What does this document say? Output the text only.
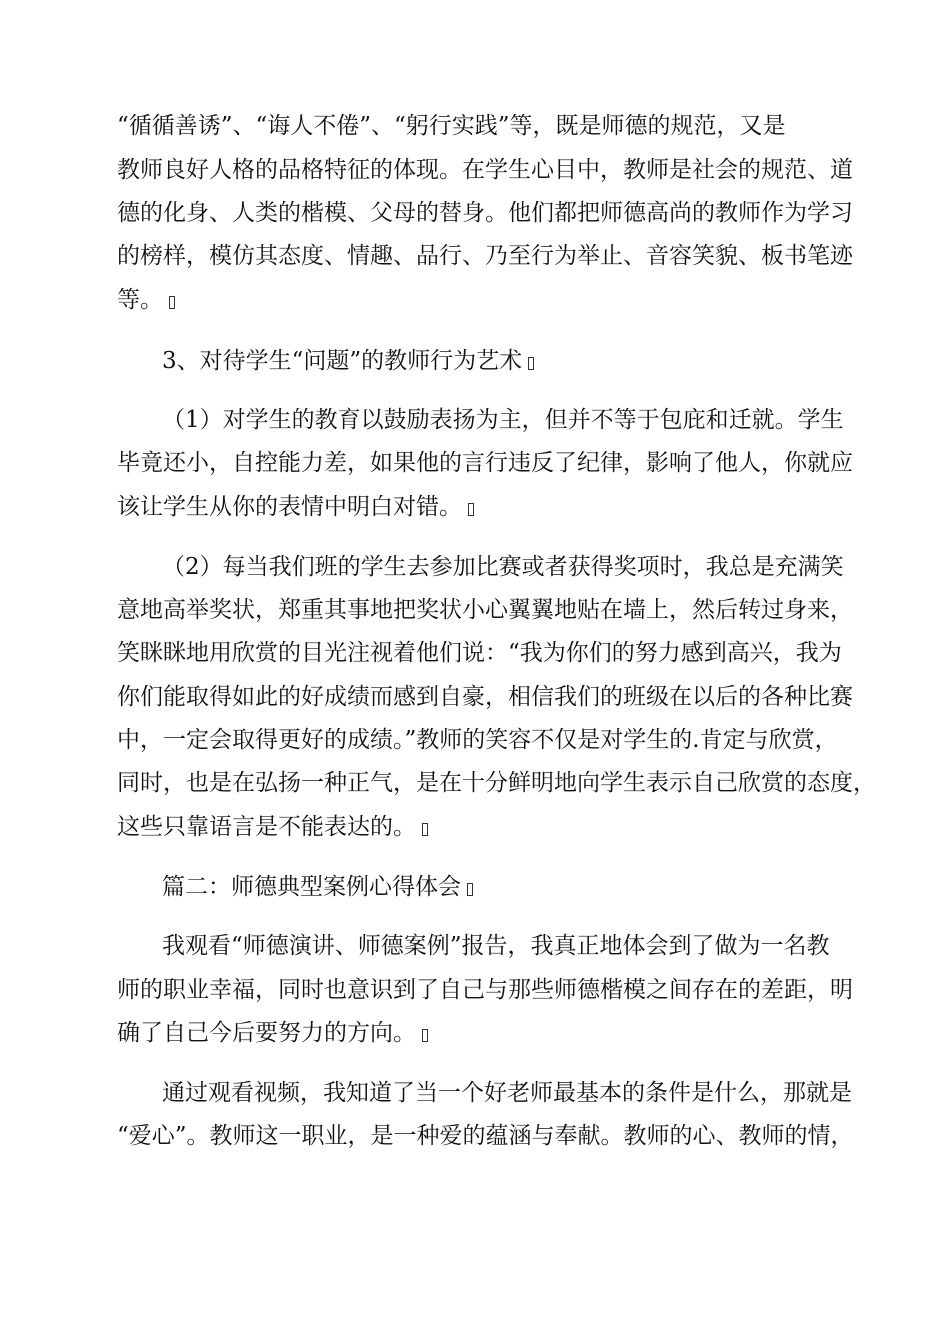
“循循善诱”、“诲人不倦”、“躬行实践”等，既是师德的规范，又是
教师良好人格的品格特征的体现。在学生心目中，教师是社会的规范、道
德的化身、人类的楷模、父母的替身。他们都把师德高尚的教师作为学习
的榜样，模仿其态度、情趣、品行、乃至行为举止、音容笑貌、板书笔迹
等。
3、对待学生“问题”的教师行为艺术
（1）对学生的教育以鼓励表扬为主，但并不等于包庇和迁就。学生
毕竟还小，自控能力差，如果他的言行违反了纪律，影响了他人，你就应
该让学生从你的表情中明白对错。
（2）每当我们班的学生去参加比赛或者获得奖项时，我总是充满笑
意地高举奖状，郑重其事地把奖状小心翼翼地贴在墙上，然后转过身来，
笑眯眯地用欣赏的目光注视着他们说：“我为你们的努力感到高兴，我为
你们能取得如此的好成绩而感到自豪，相信我们的班级在以后的各种比赛
中，一定会取得更好的成绩。”教师的笑容不仅是对学生的.肯定与欣赏，
同时，也是在弘扬一种正气，是在十分鲜明地向学生表示自己欣赏的态度，
这些只靠语言是不能表达的。
篇二：师德典型案例心得体会
我观看“师德演讲、师德案例”报告，我真正地体会到了做为一名教
师的职业幸福，同时也意识到了自己与那些师德楷模之间存在的差距，明
确了自己今后要努力的方向。
通过观看视频，我知道了当一个好老师最基本的条件是什么，那就是
“爱心”。教师这一职业，是一种爱的蕴涵与奉献。教师的心、教师的情，
